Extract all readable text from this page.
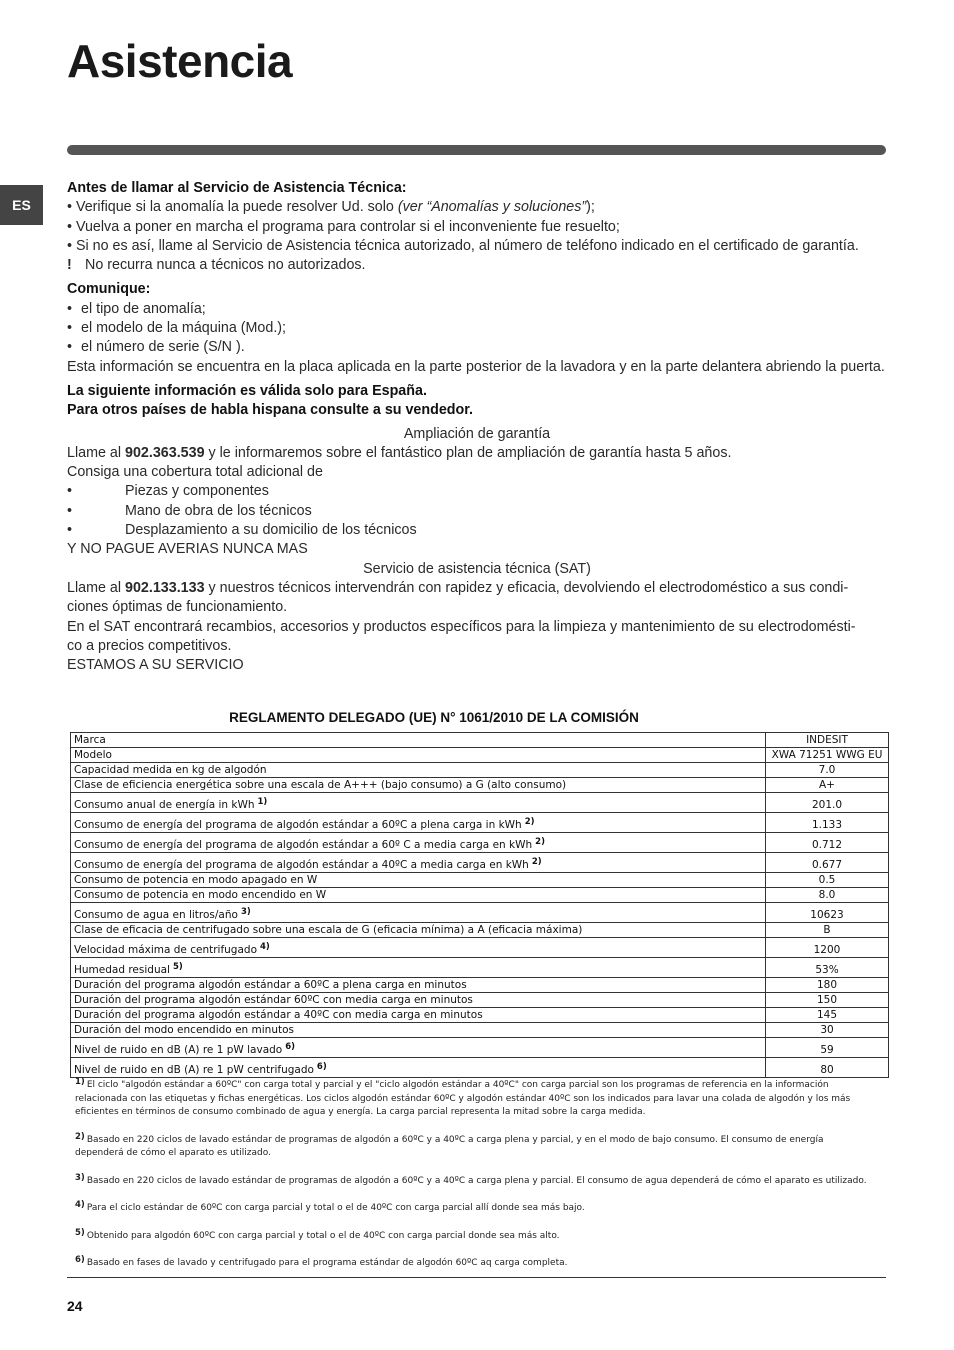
Asistencia
ES

Antes de llamar al Servicio de Asistencia Técnica:

• Verifique si la anomalía la puede resolver Ud. solo (ver “Anomalías y soluciones”);

• Vuelva a poner en marcha el programa para controlar si el inconveniente fue resuelto;

• Si no es así, llame al Servicio de Asistencia técnica autorizado, al número de teléfono indicado en el certificado de garantía.

! No recurra nunca a técnicos no autorizados.

Comunique:

• el tipo de anomalía;

• el modelo de la máquina (Mod.);

• el número de serie (S/N ).

Esta información se encuentra en la placa aplicada en la parte posterior de la lavadora y en la parte delantera abriendo la puerta.

La siguiente información es válida solo para España.

Para otros países de habla hispana consulte a su vendedor.

Ampliación de garantía

Llame al 902.363.539 y le informaremos sobre el fantástico plan de ampliación de garantía hasta 5 años.

Consiga una cobertura total adicional de

•	Piezas y componentes

•	Mano de obra de los técnicos

•	Desplazamiento a su domicilio de los técnicos

Y NO PAGUE AVERIAS NUNCA MAS

Servicio de asistencia técnica (SAT)

Llame al 902.133.133 y nuestros técnicos intervendrán con rapidez y eficacia, devolviendo el electrodoméstico a sus condi-

ciones óptimas de funcionamiento.

En el SAT encontrará recambios, accesorios y productos específicos para la limpieza y mantenimiento de su electrodomésti-

co a precios competitivos.

ESTAMOS A SU SERVICIO

REGLAMENTO DELEGADO (UE) N° 1061/2010 DE LA COMISIÓN
Marca	INDESIT
Modelo	XWA 71251 WWG EU
Capacidad medida en kg de algodón	7.0
Clase de eficiencia energética sobre una escala de A+++ (bajo consumo) a G (alto consumo)	A+
Consumo anual de energía in kWh $^{1)}$	201.0
Consumo de energía del programa de algodón estándar a 60ºC a plena carga in kWh $^{2)}$	1.133
Consumo de energía del programa de algodón estándar a 60º C a media carga en kWh $^{2)}$	0.712
Consumo de energía del programa de algodón estándar a 40ºC a media carga en kWh $^{2)}$	0.677
Consumo de potencia en modo apagado en W	0.5
Consumo de potencia en modo encendido en W	8.0
Consumo de agua en litros/año $^{3)}$	10623
Clase de eficacia de centrifugado sobre una escala de G (eficacia mínima) a A (eficacia máxima)	B
Velocidad máxima de centrifugado $^{4)}$	1200
Humedad residual $^{5)}$	53%
Duración del programa algodón estándar a 60ºC a plena carga en minutos	180
Duración del programa algodón estándar 60ºC con media carga en minutos	150
Duración del programa algodón estándar a 40ºC con media carga en minutos	145
Duración del modo encendido en minutos	30
Nivel de ruido en dB (A) re 1 pW lavado $^{6)}$	59
Nivel de ruido en dB (A) re 1 pW centrifugado $^{6)}$	80
$^{1)}$ El ciclo "algodón estándar a 60ºC" con carga total y parcial y el "ciclo algodón estándar a 40ºC" con carga parcial son los programas de referencia en la información
relacionada con las etiquetas y fichas energéticas. Los ciclos algodón estándar 60ºC y algodón estándar 40ºC son los indicados para lavar una colada de algodón y los más
eficientes en términos de consumo combinado de agua y energía. La carga parcial representa la mitad sobre la carga medida.
$^{2)}$ Basado en 220 ciclos de lavado estándar de programas de algodón a 60ºC y a 40ºC a carga plena y parcial, y en el modo de bajo consumo. El consumo de energía
dependerá de cómo el aparato es utilizado.
$^{3)}$ Basado en 220 ciclos de lavado estándar de programas de algodón a 60ºC y a 40ºC a carga plena y parcial. El consumo de agua dependerá de cómo el aparato es utilizado.
$^{4)}$ Para el ciclo estándar de 60ºC con carga parcial y total o el de 40ºC con carga parcial allí donde sea más bajo.
$^{5)}$ Obtenido para algodón 60ºC con carga parcial y total o el de 40ºC con carga parcial donde sea más alto.
$^{6)}$ Basado en fases de lavado y centrifugado para el programa estándar de algodón 60ºC aq carga completa.
24
